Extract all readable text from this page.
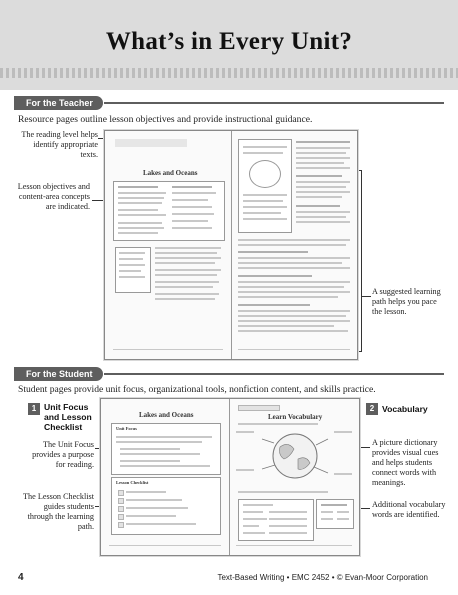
What’s in Every Unit?
For the Teacher
Resource pages outline lesson objectives and provide instructional guidance.
The reading level helps identify appropriate texts.
Lesson objectives and content-area concepts are indicated.
A suggested learning path helps you pace the lesson.
Lakes and Oceans
For the Student
Student pages provide unit focus, organizational tools, nonfiction content, and skills practice.
1 Unit Focus and Lesson Checklist
2 Vocabulary
The Unit Focus provides a purpose for reading.
The Lesson Checklist guides students through the learning path.
A picture dictionary provides visual cues and helps students connect words with meanings.
Additional vocabulary words are identified.
Lakes and Oceans
Unit Focus
Lesson Checklist
Learn Vocabulary
4	Text-Based Writing • EMC 2452 • © Evan-Moor Corporation
